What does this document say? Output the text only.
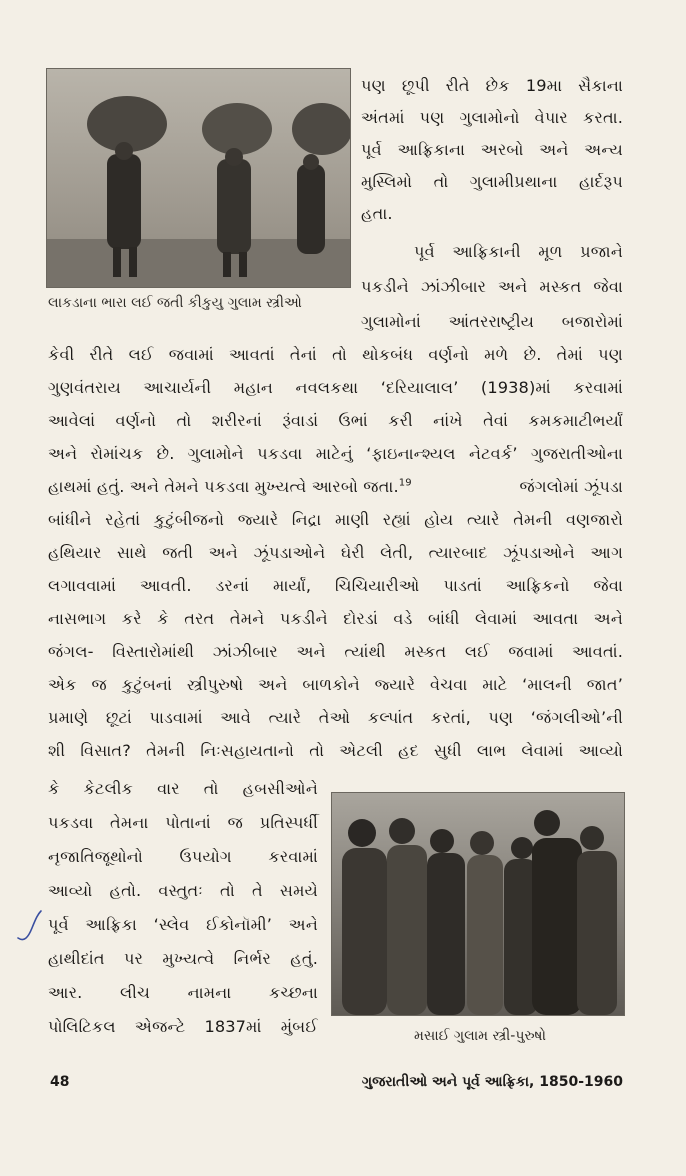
લાકડાના ભારા લઈ જતી કીકુયુ ગુલામ સ્ત્રીઓ
પણ છૂપી રીતે છેક 19મા સૈકાના
અંતમાં પણ ગુલામોનો વેપાર કરતા.
પૂર્વ આફ્રિકાના અરબો અને અન્ય
મુસ્લિમો તો ગુલામીપ્રથાના હાર્દરૂપ
હતા.
પૂર્વ આફ્રિકાની મૂળ પ્રજાને
પકડીને ઝાંઝીબાર અને મસ્કત જેવા
ગુલામોનાં આંતરરાષ્ટ્રીય બજારોમાં
કેવી રીતે લઈ જવામાં આવતાં તેનાં તો થોકબંધ વર્ણનો મળે છે. તેમાં પણ
ગુણવંતરાય આચાર્યની મહાન નવલકથા ‘દરિયાલાલ’ (1938)માં કરવામાં
આવેલાં વર્ણનો તો શરીરનાં રૂંવાડાં ઉભાં કરી નાંખે તેવાં કમકમાટીભર્યાં
અને રોમાંચક છે. ગુલામોને પકડવા માટેનું ‘ફાઇનાન્શ્યલ નેટવર્ક’ ગુજરાતીઓના
હાથમાં હતું. અને તેમને પકડવા મુખ્યત્વે આરબો જતા.$^{19}$	જંગલોમાં ઝૂંપડા
બાંધીને રહેતાં કુટુંબીજનો જ્યારે નિદ્રા માણી રહ્યાં હોય ત્યારે તેમની વણજારો
હથિયાર સાથે જતી અને ઝૂંપડાઓને ઘેરી લેતી, ત્યારબાદ ઝૂંપડાઓને આગ
લગાવવામાં આવતી. ડરનાં માર્યાં, ચિચિયારીઓ પાડતાં આફ્રિકનો જેવા
નાસભાગ કરે કે તરત તેમને પકડીને દોરડાં વડે બાંધી લેવામાં આવતા અને
જંગલ- વિસ્તારોમાંથી ઝાંઝીબાર અને ત્યાંથી મસ્કત લઈ જવામાં આવતાં.
એક જ કુટુંબનાં સ્ત્રીપુરુષો અને બાળકોને જ્યારે વેચવા માટે ‘માલની જાત’
પ્રમાણે છૂટાં પાડવામાં આવે ત્યારે તેઓ કલ્પાંત કરતાં, પણ ‘જંગલીઓ’ની
શી વિસાત? તેમની નિઃસહાયતાનો તો એટલી હદ સુધી લાભ લેવામાં આવ્યો
કે કેટલીક વાર તો હબસીઓને
પકડવા તેમના પોતાનાં જ પ્રતિસ્પર્ધી
નૃજાતિજૂથોનો ઉપયોગ કરવામાં
આવ્યો હતો. વસ્તુતઃ તો તે સમયે
પૂર્વ આફ્રિકા ‘સ્લેવ ઈકોનૉમી’ અને
હાથીદાંત પર મુખ્યત્વે નિર્ભર હતું.
આર. લીચ નામના કચ્છના
પોલિટિકલ એજન્ટે 1837માં મુંબઈ	મસાઈ ગુલામ સ્ત્રી-પુરુષો
48	ગુજરાતીઓ અને પૂર્વ આફ્રિકા, 1850-1960
